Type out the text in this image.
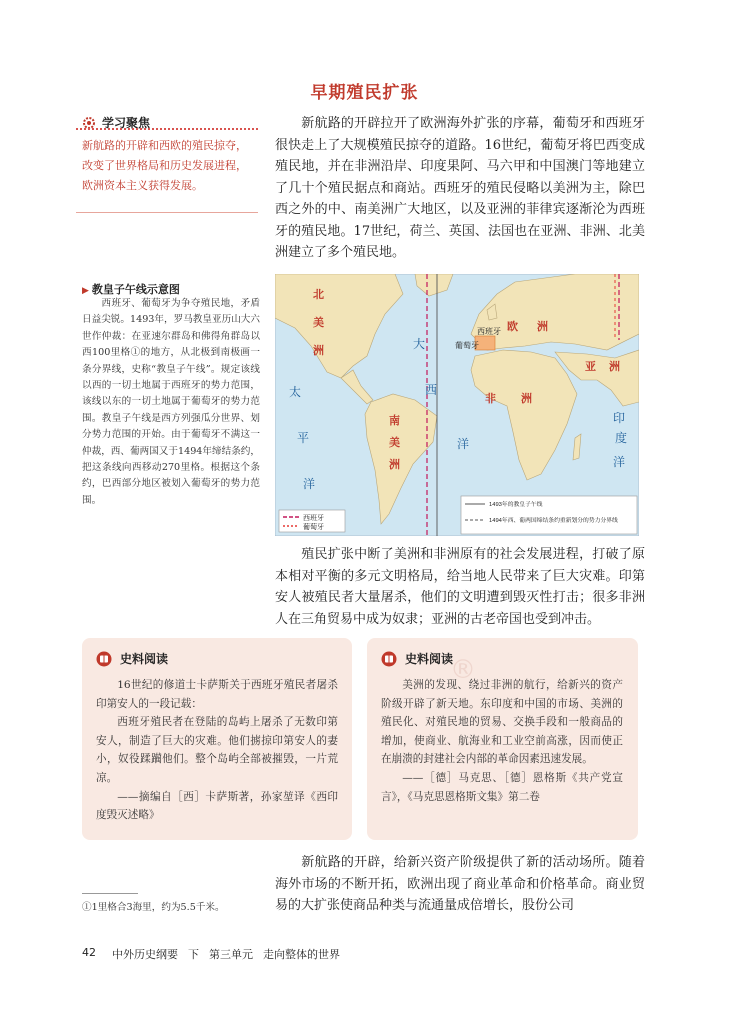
早期殖民扩张
学习聚焦
新航路的开辟和西欧的殖民掠夺，改变了世界格局和历史发展进程，欧洲资本主义获得发展。
新航路的开辟拉开了欧洲海外扩张的序幕，葡萄牙和西班牙很快走上了大规模殖民掠夺的道路。16世纪，葡萄牙将巴西变成殖民地，并在非洲沿岸、印度果阿、马六甲和中国澳门等地建立了几十个殖民据点和商站。西班牙的殖民侵略以美洲为主，除巴西之外的中、南美洲广大地区，以及亚洲的菲律宾逐渐沦为西班牙的殖民地。17世纪，荷兰、英国、法国也在亚洲、非洲、北美洲建立了多个殖民地。
▶ 教皇子午线示意图
西班牙、葡萄牙为争夺殖民地，矛盾日益尖锐。1493年，罗马教皇亚历山大六世作仲裁：在亚速尔群岛和佛得角群岛以西100里格①的地方，从北极到南极画一条分界线，史称“教皇子午线”。规定该线以西的一切土地属于西班牙的势力范围，该线以东的一切土地属于葡萄牙的势力范围。教皇子午线是西方列强瓜分世界、划分势力范围的开始。由于葡萄牙不满这一仲裁，西、葡两国又于1494年缔结条约，把这条线向西移动270里格。根据这个条约，巴西部分地区被划入葡萄牙的势力范围。
北
美
洲
南
美
洲
欧 洲
非 洲
亚 洲
太
平
洋
大
西
洋
印
度
洋
西班牙
葡萄牙
西班牙
葡萄牙
1493年的教皇子午线
1494年西、葡两国缔结条约重新划分的势力分界线
殖民扩张中断了美洲和非洲原有的社会发展进程，打破了原本相对平衡的多元文明格局，给当地人民带来了巨大灾难。印第安人被殖民者大量屠杀，他们的文明遭到毁灭性打击；很多非洲人在三角贸易中成为奴隶；亚洲的古老帝国也受到冲击。
史料阅读

16世纪的修道士卡萨斯关于西班牙殖民者屠杀印第安人的一段记载：

西班牙殖民者在登陆的岛屿上屠杀了无数印第安人，制造了巨大的灾难。他们掳掠印第安人的妻小，奴役蹂躏他们。整个岛屿全部被摧毁，一片荒凉。

——摘编自［西］卡萨斯著，孙家堃译《西印度毁灭述略》

史料阅读

美洲的发现、绕过非洲的航行，给新兴的资产阶级开辟了新天地。东印度和中国的市场、美洲的殖民化、对殖民地的贸易、交换手段和一般商品的增加，使商业、航海业和工业空前高涨，因而使正在崩溃的封建社会内部的革命因素迅速发展。

——［德］马克思、［德］恩格斯《共产党宣言》，《马克思恩格斯文集》第二卷

®
新航路的开辟，给新兴资产阶级提供了新的活动场所。随着海外市场的不断开拓，欧洲出现了商业革命和价格革命。商业贸易的大扩张使商品种类与流通量成倍增长，股份公司
①1里格合3海里，约为5.5千米。
42 中外历史纲要 下 第三单元 走向整体的世界
